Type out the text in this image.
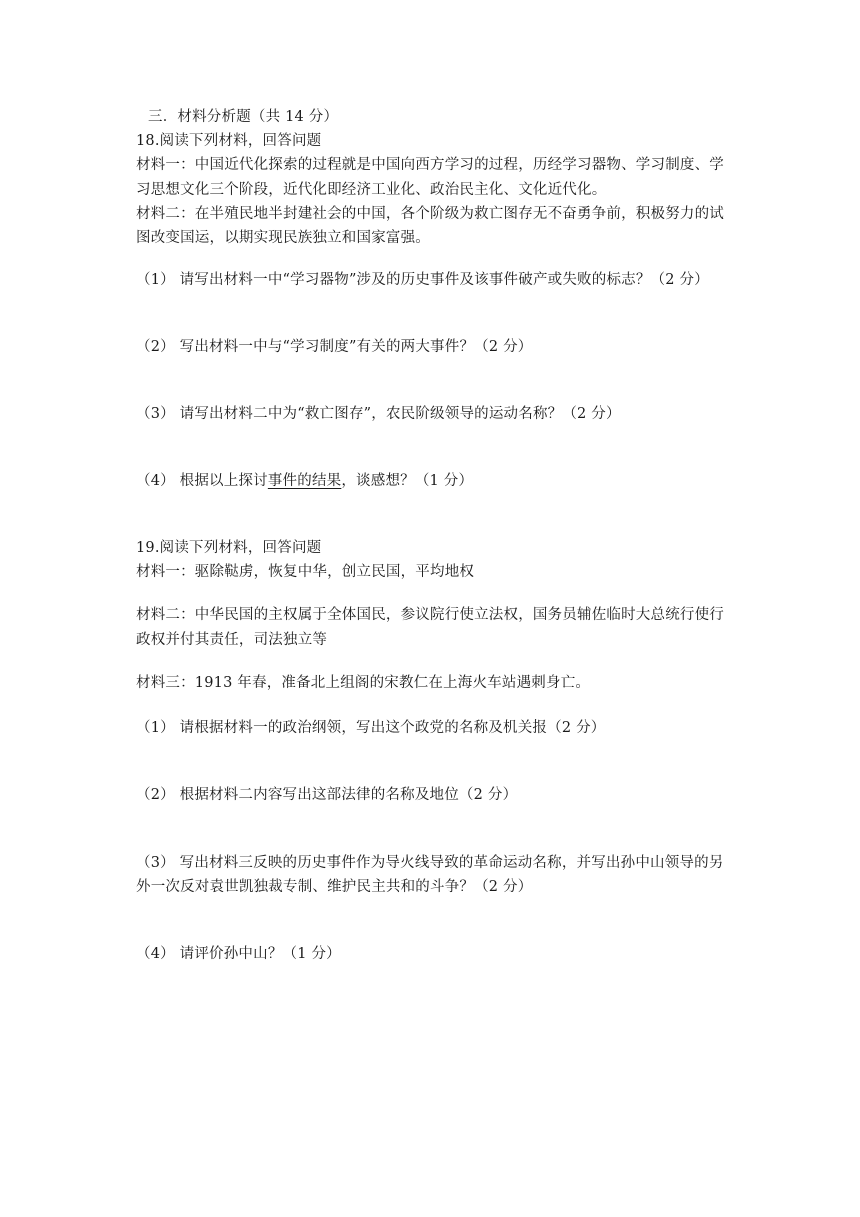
三．材料分析题（共 14 分）
18.阅读下列材料，回答问题
材料一：中国近代化探索的过程就是中国向西方学习的过程，历经学习器物、学习制度、学
习思想文化三个阶段，近代化即经济工业化、政治民主化、文化近代化。
材料二：在半殖民地半封建社会的中国，各个阶级为救亡图存无不奋勇争前，积极努力的试
图改变国运，以期实现民族独立和国家富强。
（1） 请写出材料一中“学习器物”涉及的历史事件及该事件破产或失败的标志？（2 分）
（2） 写出材料一中与“学习制度”有关的两大事件？（2 分）
（3） 请写出材料二中为“救亡图存”，农民阶级领导的运动名称？（2 分）
（4） 根据以上探讨事件的结果，谈感想？（1 分）
19.阅读下列材料，回答问题
材料一：驱除鞑虏，恢复中华，创立民国，平均地权
材料二：中华民国的主权属于全体国民，参议院行使立法权，国务员辅佐临时大总统行使行
政权并付其责任，司法独立等
材料三：1913 年春，准备北上组阁的宋教仁在上海火车站遇刺身亡。
（1） 请根据材料一的政治纲领，写出这个政党的名称及机关报（2 分）
（2） 根据材料二内容写出这部法律的名称及地位（2 分）
（3） 写出材料三反映的历史事件作为导火线导致的革命运动名称，并写出孙中山领导的另
外一次反对袁世凯独裁专制、维护民主共和的斗争？（2 分）
（4） 请评价孙中山？（1 分）
